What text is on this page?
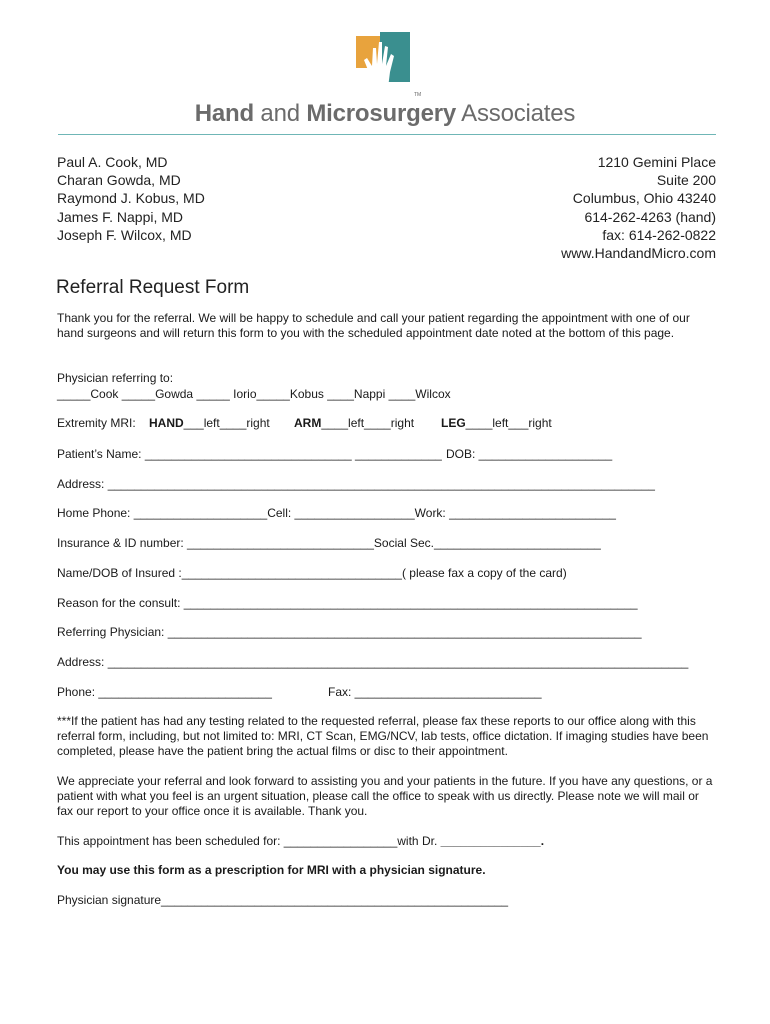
TM
Hand and Microsurgery Associates
Paul A. Cook, MD
Charan Gowda, MD
Raymond J. Kobus, MD
James F. Nappi, MD
Joseph F. Wilcox, MD
1210 Gemini Place
Suite 200
Columbus, Ohio 43240
614-262-4263 (hand)
fax: 614-262-0822
www.HandandMicro.com
Referral Request Form
Thank you for the referral. We will be happy to schedule and call your patient regarding the appointment with one of our hand surgeons and will return this form to you with the scheduled appointment date noted at the bottom of this page.
Physician referring to:
_____Cook _____Gowda _____ Iorio_____Kobus ____Nappi ____Wilcox
Extremity MRI: HAND___left____right ARM____left____right LEG____left___right
Patient’s Name: _______________________________ _____________ DOB: ____________________
Address: __________________________________________________________________________________
Home Phone: ____________________Cell: __________________Work: _________________________
Insurance & ID number: ____________________________Social Sec._________________________
Name/DOB of Insured :_________________________________( please fax a copy of the card)
Reason for the consult: ____________________________________________________________________
Referring Physician: _______________________________________________________________________
Address: _______________________________________________________________________________________
Phone: __________________________	Fax: ____________________________
***If the patient has had any testing related to the requested referral, please fax these reports to our office along with this referral form, including, but not limited to: MRI, CT Scan, EMG/NCV, lab tests, office dictation. If imaging studies have been completed, please have the patient bring the actual films or disc to their appointment.
We appreciate your referral and look forward to assisting you and your patients in the future. If you have any questions, or a patient with what you feel is an urgent situation, please call the office to speak with us directly. Please note we will mail or fax our report to your office once it is available. Thank you.
This appointment has been scheduled for: _________________with Dr. _______________.
You may use this form as a prescription for MRI with a physician signature.
Physician signature____________________________________________________
